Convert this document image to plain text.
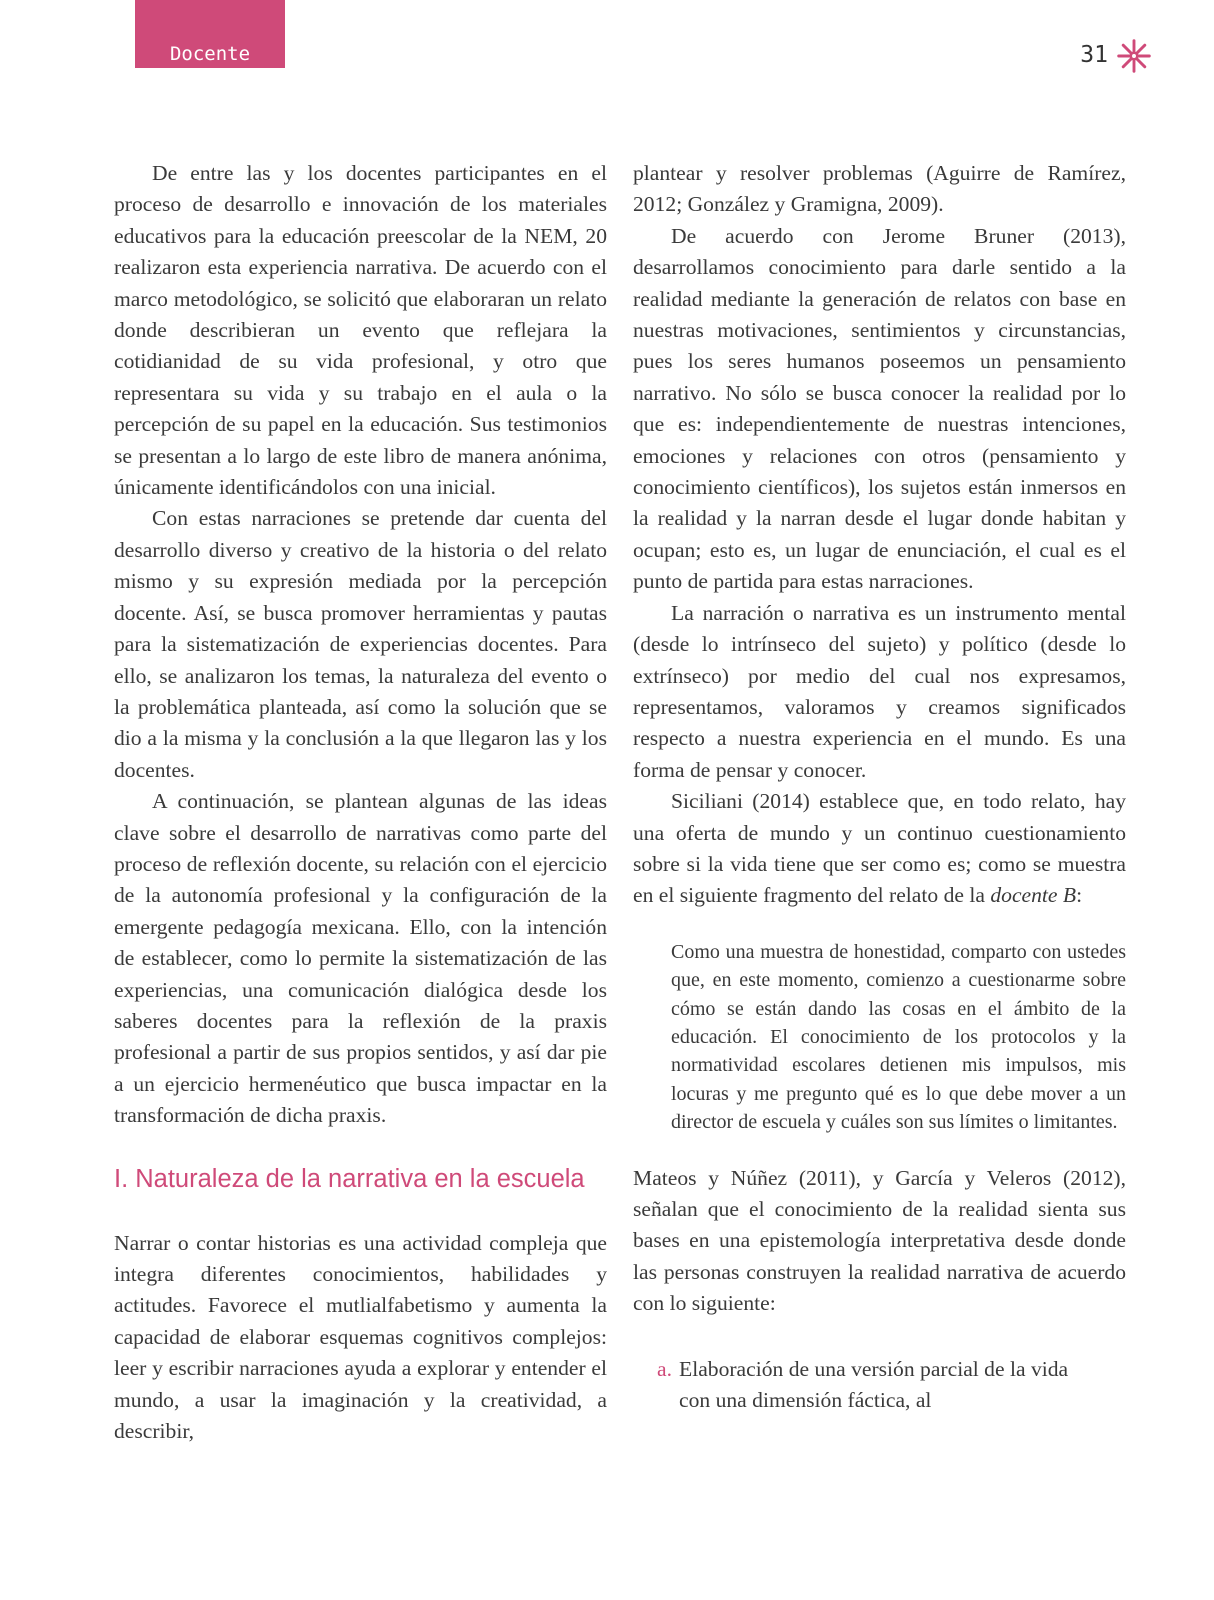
Docente	31

De entre las y los docentes participantes en el proceso de desarrollo e innovación de los materiales educativos para la educación preescolar de la NEM, 20 realizaron esta experiencia narrativa. De acuerdo con el marco metodológico, se solicitó que elaboraran un relato donde describieran un evento que reflejara la cotidianidad de su vida profesional, y otro que representara su vida y su trabajo en el aula o la percepción de su papel en la educación. Sus testimonios se presentan a lo largo de este libro de manera anónima, únicamente identificándolos con una inicial.

Con estas narraciones se pretende dar cuenta del desarrollo diverso y creativo de la historia o del relato mismo y su expresión mediada por la percepción docente. Así, se busca promover herramientas y pautas para la sistematización de experiencias docentes. Para ello, se analizaron los temas, la naturaleza del evento o la problemática planteada, así como la solución que se dio a la misma y la conclusión a la que llegaron las y los docentes.

A continuación, se plantean algunas de las ideas clave sobre el desarrollo de narrativas como parte del proceso de reflexión docente, su relación con el ejercicio de la autonomía profesional y la configuración de la emergente pedagogía mexicana. Ello, con la intención de establecer, como lo permite la sistematización de las experiencias, una comunicación dialógica desde los saberes docentes para la reflexión de la praxis profesional a partir de sus propios sentidos, y así dar pie a un ejercicio hermenéutico que busca impactar en la transformación de dicha praxis.

I. Naturaleza de la narrativa en la escuela

Narrar o contar historias es una actividad compleja que integra diferentes conocimientos, habilidades y actitudes. Favorece el mutlialfabetismo y aumenta la capacidad de elaborar esquemas cognitivos complejos: leer y escribir narraciones ayuda a explorar y entender el mundo, a usar la imaginación y la creatividad, a describir,

plantear y resolver problemas (Aguirre de Ramírez, 2012; González y Gramigna, 2009).

De acuerdo con Jerome Bruner (2013), desarrollamos conocimiento para darle sentido a la realidad mediante la generación de relatos con base en nuestras motivaciones, sentimientos y circunstancias, pues los seres humanos poseemos un pensamiento narrativo. No sólo se busca conocer la realidad por lo que es: independientemente de nuestras intenciones, emociones y relaciones con otros (pensamiento y conocimiento científicos), los sujetos están inmersos en la realidad y la narran desde el lugar donde habitan y ocupan; esto es, un lugar de enunciación, el cual es el punto de partida para estas narraciones.

La narración o narrativa es un instrumento mental (desde lo intrínseco del sujeto) y político (desde lo extrínseco) por medio del cual nos expresamos, representamos, valoramos y creamos significados respecto a nuestra experiencia en el mundo. Es una forma de pensar y conocer.

Siciliani (2014) establece que, en todo relato, hay una oferta de mundo y un continuo cuestionamiento sobre si la vida tiene que ser como es; como se muestra en el siguiente fragmento del relato de la docente B:

Como una muestra de honestidad, comparto con ustedes que, en este momento, comienzo a cuestionarme sobre cómo se están dando las cosas en el ámbito de la educación. El conocimiento de los protocolos y la normatividad escolares detienen mis impulsos, mis locuras y me pregunto qué es lo que debe mover a un director de escuela y cuáles son sus límites o limitantes.

Mateos y Núñez (2011), y García y Veleros (2012), señalan que el conocimiento de la realidad sienta sus bases en una epistemología interpretativa desde donde las personas construyen la realidad narrativa de acuerdo con lo siguiente:

a. Elaboración de una versión parcial de la vida con una dimensión fáctica, al
